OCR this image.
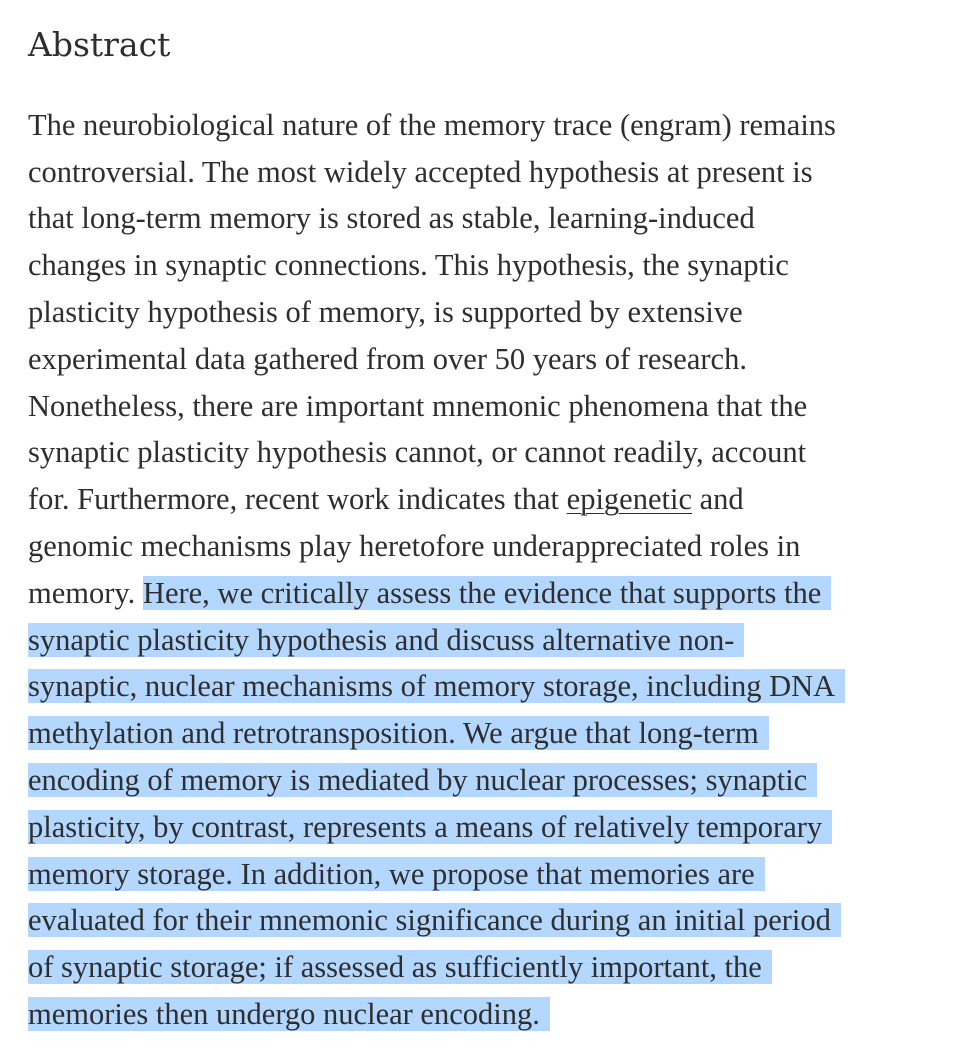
Abstract
The neurobiological nature of the memory trace (engram) remains
controversial. The most widely accepted hypothesis at present is
that long-term memory is stored as stable, learning-induced
changes in synaptic connections. This hypothesis, the synaptic
plasticity hypothesis of memory, is supported by extensive
experimental data gathered from over 50 years of research.
Nonetheless, there are important mnemonic phenomena that the
synaptic plasticity hypothesis cannot, or cannot readily, account
for. Furthermore, recent work indicates that epigenetic and
genomic mechanisms play heretofore underappreciated roles in
memory. Here, we critically assess the evidence that supports the
synaptic plasticity hypothesis and discuss alternative non-
synaptic, nuclear mechanisms of memory storage, including DNA
methylation and retrotransposition. We argue that long-term
encoding of memory is mediated by nuclear processes; synaptic
plasticity, by contrast, represents a means of relatively temporary
memory storage. In addition, we propose that memories are
evaluated for their mnemonic significance during an initial period
of synaptic storage; if assessed as sufficiently important, the
memories then undergo nuclear encoding.
